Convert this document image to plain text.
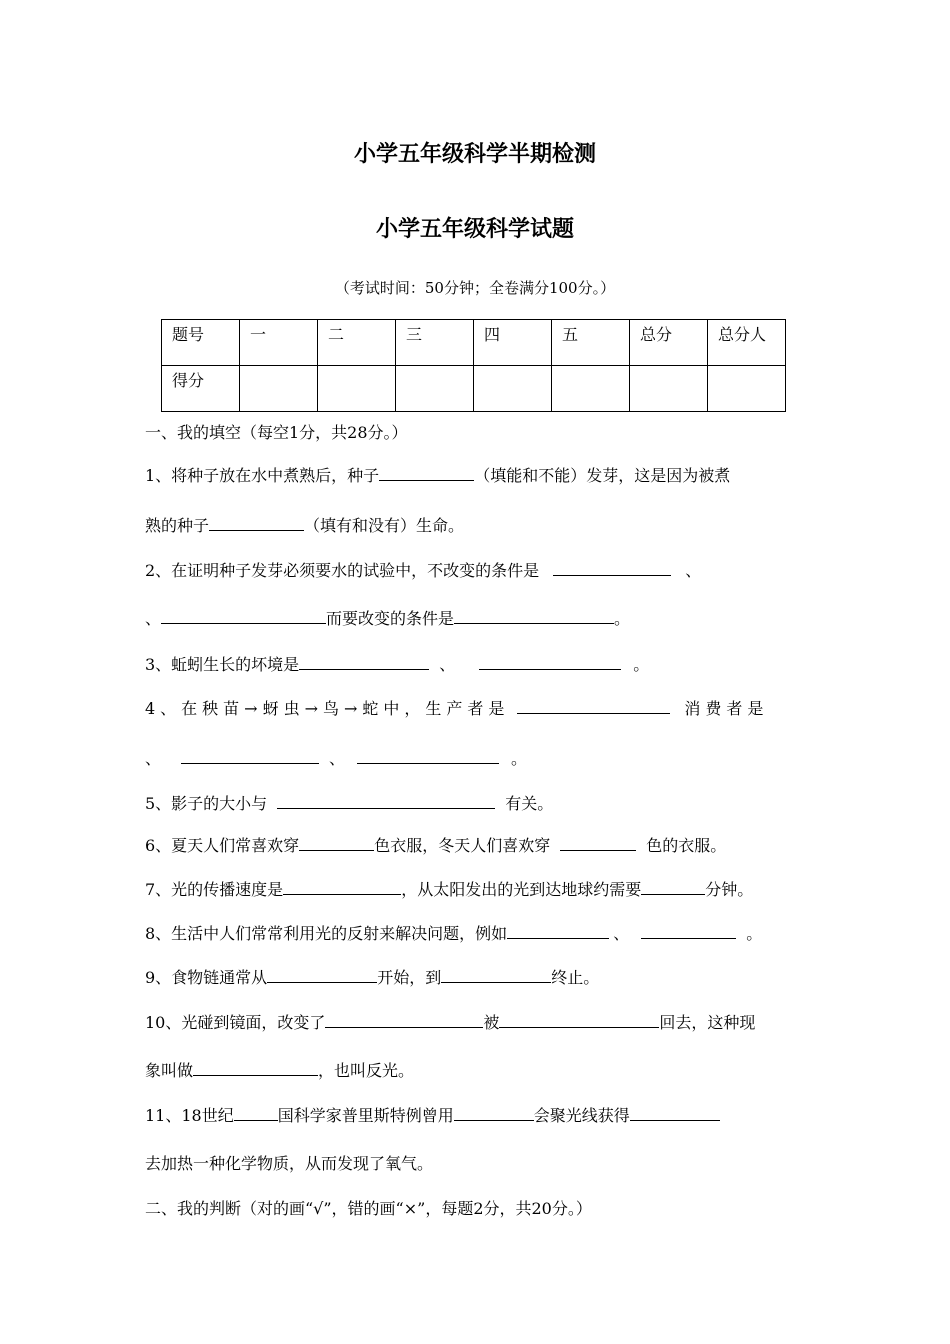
小学五年级科学半期检测
小学五年级科学试题
（考试时间：50分钟；全卷满分100分。）
题号	一	二	三	四	五	总分	总分人
得分							
一、我的填空（每空1分，共28分。）
1、将种子放在水中煮熟后，种子	（填能和不能）发芽，这是因为被煮
熟的种子	（填有和没有）生命。
2、在证明种子发芽必须要水的试验中，不改变的条件是	、
、	而要改变的条件是	。
3、蚯蚓生长的坏境是	、	。
4、在秧苗→蚜虫→鸟→蛇中，生产者是	消费者是
、	、	。
5、影子的大小与	有关。
6、夏天人们常喜欢穿	色衣服，冬天人们喜欢穿	色的衣服。
7、光的传播速度是	，从太阳发出的光到达地球约需要	分钟。
8、生活中人们常常利用光的反射来解决问题，例如	、	。
9、食物链通常从	开始，到	终止。
10、光碰到镜面，改变了	被	回去，这种现
象叫做	，也叫反光。
11、18世纪	国科学家普里斯特例曾用	会聚光线获得
去加热一种化学物质，从而发现了氧气。
二、我的判断（对的画“√”，错的画“×”，每题2分，共20分。）
